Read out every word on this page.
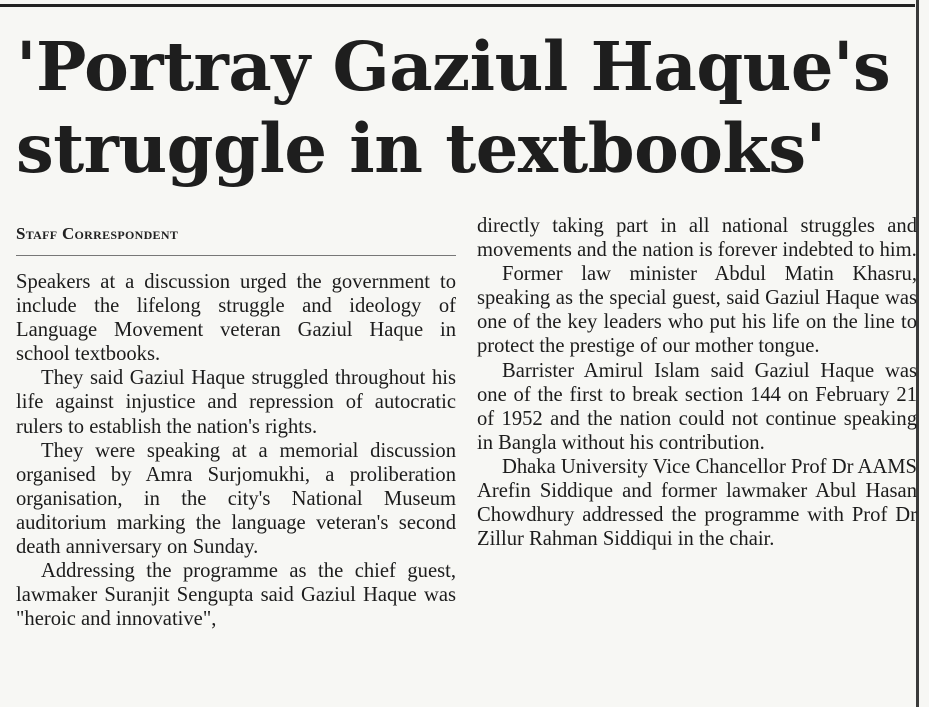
'Portray Gaziul Haque's
struggle in textbooks'
Staff Correspondent

Speakers at a discussion urged the government to include the lifelong struggle and ideology of Language Movement veteran Gaziul Haque in school textbooks.

They said Gaziul Haque struggled throughout his life against injustice and repression of autocratic rulers to establish the nation's rights.

They were speaking at a memorial discussion organised by Amra Surjomukhi, a proliberation organisation, in the city's National Museum auditorium marking the language veteran's second death anniversary on Sunday.

Addressing the programme as the chief guest, lawmaker Suranjit Sengupta said Gaziul Haque was "heroic and innovative",

directly taking part in all national struggles and movements and the nation is forever indebted to him.

Former law minister Abdul Matin Khasru, speaking as the special guest, said Gaziul Haque was one of the key leaders who put his life on the line to protect the prestige of our mother tongue.

Barrister Amirul Islam said Gaziul Haque was one of the first to break section 144 on February 21 of 1952 and the nation could not continue speaking in Bangla without his contribution.

Dhaka University Vice Chancellor Prof Dr AAMS Arefin Siddique and former lawmaker Abul Hasan Chowdhury addressed the programme with Prof Dr Zillur Rahman Siddiqui in the chair.
